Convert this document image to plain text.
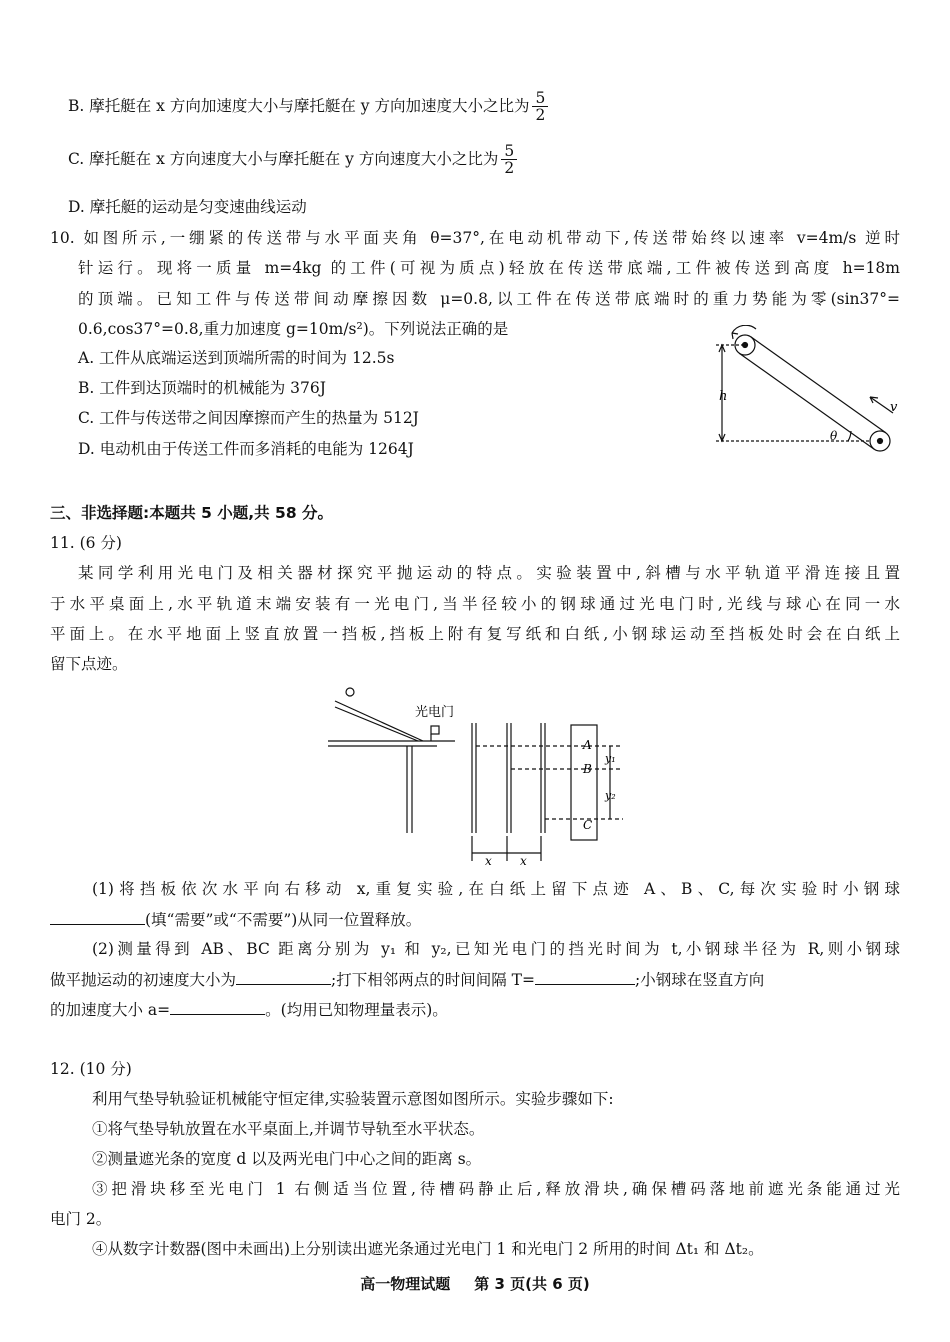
B. 摩托艇在 x 方向加速度大小与摩托艇在 y 方向加速度大小之比为 $\frac{5}{2}$
C. 摩托艇在 x 方向速度大小与摩托艇在 y 方向速度大小之比为 $\frac{5}{2}$
D. 摩托艇的运动是匀变速曲线运动
10. 如图所示,一绷紧的传送带与水平面夹角 θ=37°,在电动机带动下,传送带始终以速率 v=4m/s 逆时
针运行。现将一质量 m=4kg 的工件(可视为质点)轻放在传送带底端,工件被传送到高度 h=18m
的顶端。已知工件与传送带间动摩擦因数 μ=0.8,以工件在传送带底端时的重力势能为零(sin37°=
0.6,cos37°=0.8,重力加速度 g=10m/s²)。下列说法正确的是
A. 工件从底端运送到顶端所需的时间为 12.5s
B. 工件到达顶端时的机械能为 376J
C. 工件与传送带之间因摩擦而产生的热量为 512J
D. 电动机由于传送工件而多消耗的电能为 1264J
h
v
θ
三、非选择题:本题共 5 小题,共 58 分。
11. (6 分)
某同学利用光电门及相关器材探究平抛运动的特点。实验装置中,斜槽与水平轨道平滑连接且置
于水平桌面上,水平轨道末端安装有一光电门,当半径较小的钢球通过光电门时,光线与球心在同一水
平面上。在水平地面上竖直放置一挡板,挡板上附有复写纸和白纸,小钢球运动至挡板处时会在白纸上
留下点迹。
光电门
A
B
C
y₁
y₂
x x
(1)将挡板依次水平向右移动 x,重复实验,在白纸上留下点迹 A、B、C,每次实验时小钢球
(填“需要”或“不需要”)从同一位置释放。
(2)测量得到 AB、BC 距离分别为 y₁ 和 y₂,已知光电门的挡光时间为 t,小钢球半径为 R,则小钢球
做平抛运动的初速度大小为	;打下相邻两点的时间间隔 T=	;小钢球在竖直方向
的加速度大小 a=	。(均用已知物理量表示)。
12. (10 分)
利用气垫导轨验证机械能守恒定律,实验装置示意图如图所示。实验步骤如下:
①将气垫导轨放置在水平桌面上,并调节导轨至水平状态。
②测量遮光条的宽度 d 以及两光电门中心之间的距离 s。
③把滑块移至光电门 1 右侧适当位置,待槽码静止后,释放滑块,确保槽码落地前遮光条能通过光
电门 2。
④从数字计数器(图中未画出)上分别读出遮光条通过光电门 1 和光电门 2 所用的时间 Δt₁ 和 Δt₂。
高一物理试题 第 3 页(共 6 页)
